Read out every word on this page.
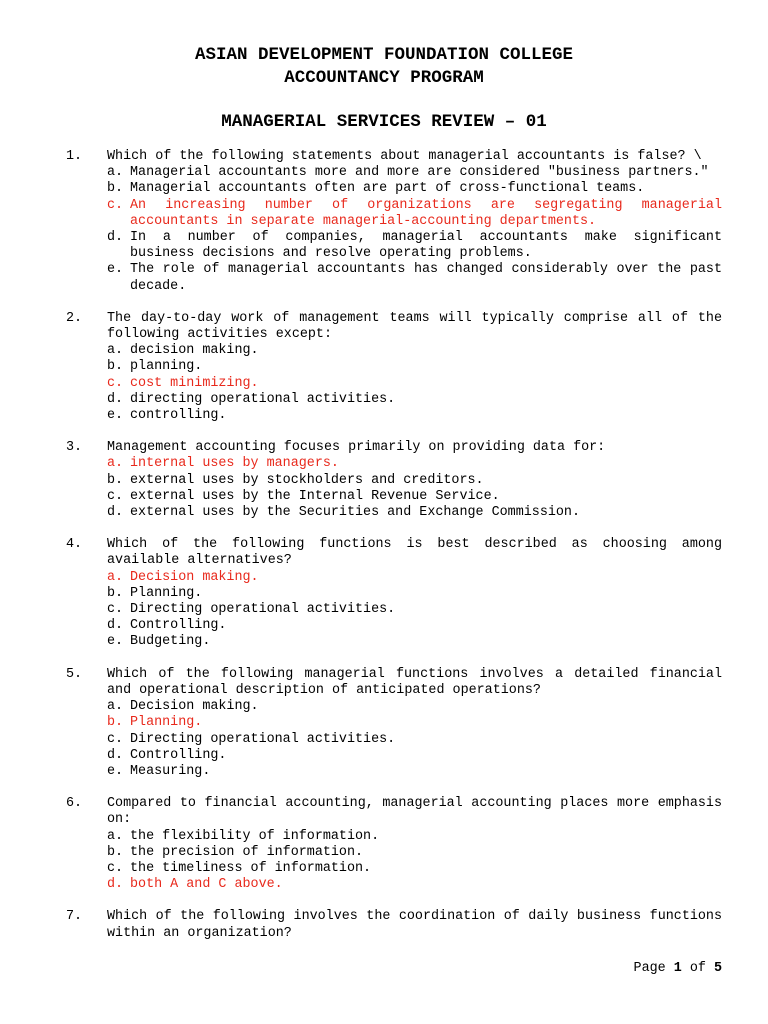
ASIAN DEVELOPMENT FOUNDATION COLLEGE
ACCOUNTANCY PROGRAM
MANAGERIAL SERVICES REVIEW – 01
1.	Which of the following statements about managerial accountants is false? \

a. Managerial accountants more and more are considered "business partners."
b. Managerial accountants often are part of cross-functional teams.
c. An increasing number of organizations are segregating managerial accountants in separate managerial-accounting departments.
d. In a number of companies, managerial accountants make significant business decisions and resolve operating problems.
e. The role of managerial accountants has changed considerably over the past decade.
2.	The day-to-day work of management teams will typically comprise all of the following activities except:

a. decision making.
b. planning.
c. cost minimizing.
d. directing operational activities.
e. controlling.
3.	Management accounting focuses primarily on providing data for:

a. internal uses by managers.
b. external uses by stockholders and creditors.
c. external uses by the Internal Revenue Service.
d. external uses by the Securities and Exchange Commission.
4.	Which of the following functions is best described as choosing among available alternatives?

a. Decision making.
b. Planning.
c. Directing operational activities.
d. Controlling.
e. Budgeting.
5.	Which of the following managerial functions involves a detailed financial and operational description of anticipated operations?

a. Decision making.
b. Planning.
c. Directing operational activities.
d. Controlling.
e. Measuring.
6.	Compared to financial accounting, managerial accounting places more emphasis on:

a. the flexibility of information.
b. the precision of information.
c. the timeliness of information.
d. both A and C above.
7.	Which of the following involves the coordination of daily business functions within an organization?

Page 1 of 5
